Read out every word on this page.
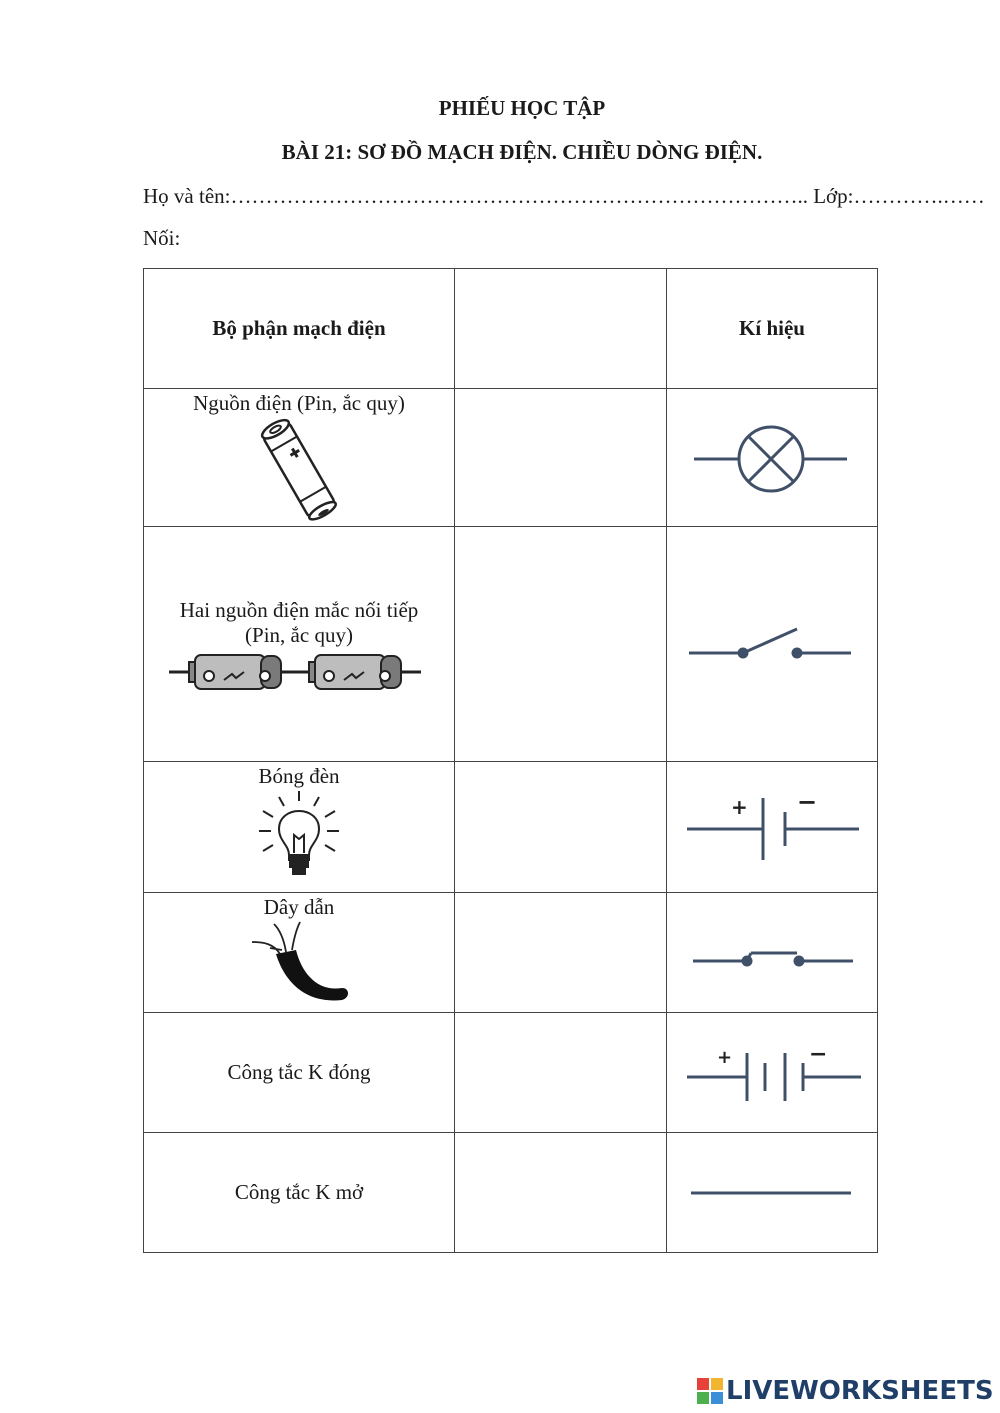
PHIẾU HỌC TẬP
BÀI 21: SƠ ĐỒ MẠCH ĐIỆN. CHIỀU DÒNG ĐIỆN.
Họ và tên:……………………………………………………………………….. Lớp:………….……
Nối:
Bộ phận mạch điện		Kí hiệu

Nguồn điện (Pin, ắc quy)

Hai nguồn điện mắc nối tiếp
(Pin, ắc quy)

Bóng đèn		+ −

Dây dẫn

Công tắc K đóng		+ −

Công tắc K mở

LIVEWORKSHEETS
